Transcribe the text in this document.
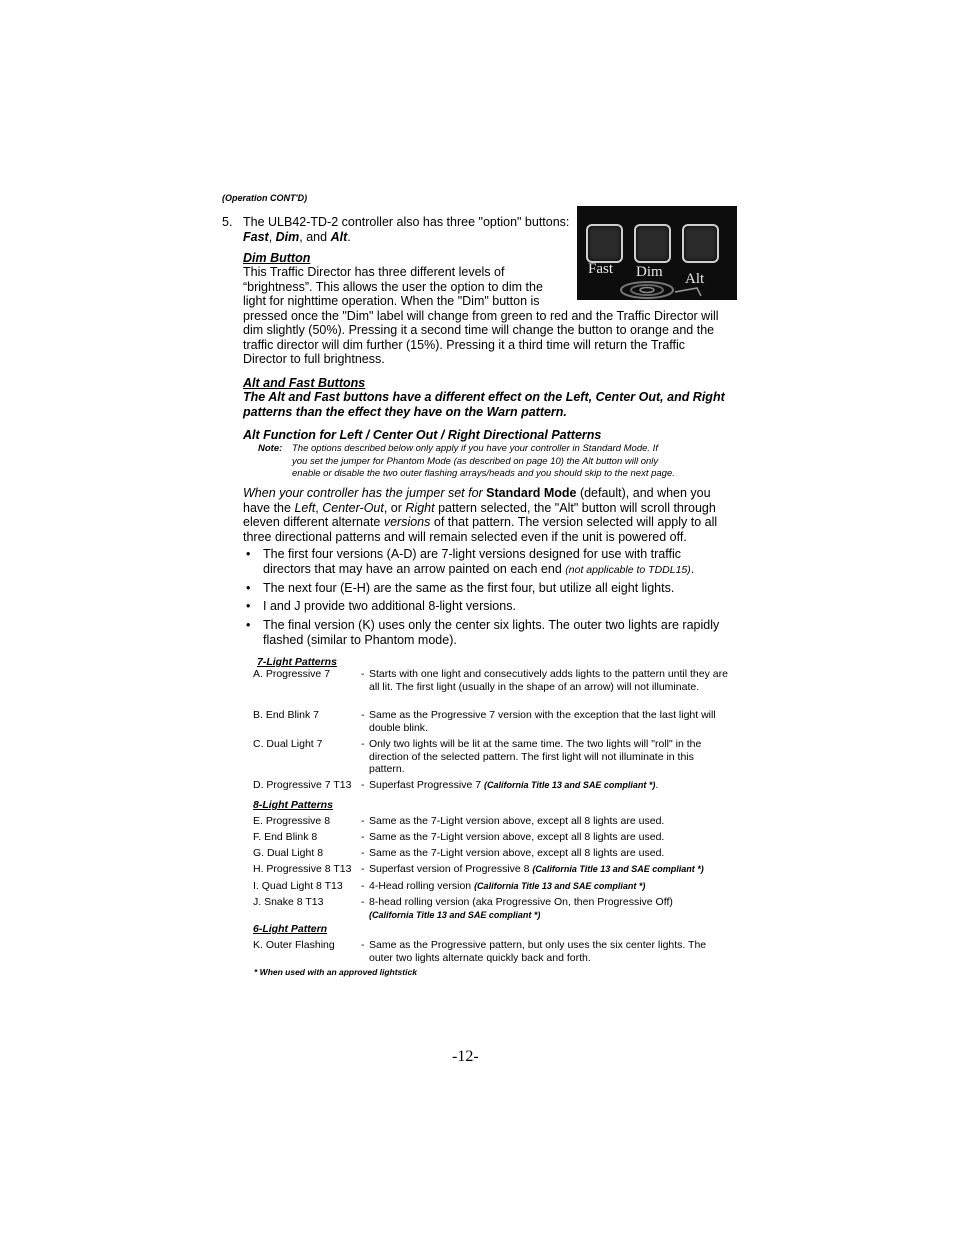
(Operation CONT'D)
5. The ULB42-TD-2 controller also has three "option" buttons: Fast, Dim, and Alt.
Fast Dim Alt
Dim Button
This Traffic Director has three different levels of
“brightness”. This allows the user the option to dim the
light for nighttime operation. When the "Dim" button is
pressed once the "Dim" label will change from green to red and the Traffic Director will
dim slightly (50%). Pressing it a second time will change the button to orange and the
traffic director will dim further (15%). Pressing it a third time will return the Traffic
Director to full brightness.
Alt and Fast Buttons
The Alt and Fast buttons have a different effect on the Left, Center Out, and Right
patterns than the effect they have on the Warn pattern.
Alt Function for Left / Center Out / Right Directional Patterns
Note: The options described below only apply if you have your controller in Standard Mode. If
you set the jumper for Phantom Mode (as described on page 10) the Alt button will only
enable or disable the two outer flashing arrays/heads and you should skip to the next page.
When your controller has the jumper set for Standard Mode (default), and when you
have the Left, Center-Out, or Right pattern selected, the "Alt" button will scroll through
eleven different alternate versions of that pattern. The version selected will apply to all
three directional patterns and will remain selected even if the unit is powered off.
•	The first four versions (A-D) are 7-light versions designed for use with traffic
directors that may have an arrow painted on each end (not applicable to TDDL15).
•	The next four (E-H) are the same as the first four, but utilize all eight lights.
•	I and J provide two additional 8-light versions.
•	The final version (K) uses only the center six lights. The outer two lights are rapidly
flashed (similar to Phantom mode).
7-Light Patterns
A. Progressive 7	- Starts with one light and consecutively adds lights to the pattern until they are all lit. The first light (usually in the shape of an arrow) will not illuminate.
B. End Blink 7	- Same as the Progressive 7 version with the exception that the last light will double blink.
C. Dual Light 7	- Only two lights will be lit at the same time. The two lights will "roll" in the direction of the selected pattern. The first light will not illuminate in this pattern.
D. Progressive 7 T13 - Superfast Progressive 7 (California Title 13 and SAE compliant *).
8-Light Patterns
E. Progressive 8	- Same as the 7-Light version above, except all 8 lights are used.
F. End Blink 8	- Same as the 7-Light version above, except all 8 lights are used.
G. Dual Light 8	- Same as the 7-Light version above, except all 8 lights are used.
H. Progressive 8 T13 - Superfast version of Progressive 8 (California Title 13 and SAE compliant *)
I. Quad Light 8 T13 - 4-Head rolling version (California Title 13 and SAE compliant *)
J. Snake 8 T13	- 8-head rolling version (aka Progressive On, then Progressive Off)
(California Title 13 and SAE compliant *)
6-Light Pattern
K. Outer Flashing	- Same as the Progressive pattern, but only uses the six center lights. The outer two lights alternate quickly back and forth.
* When used with an approved lightstick
-12-
